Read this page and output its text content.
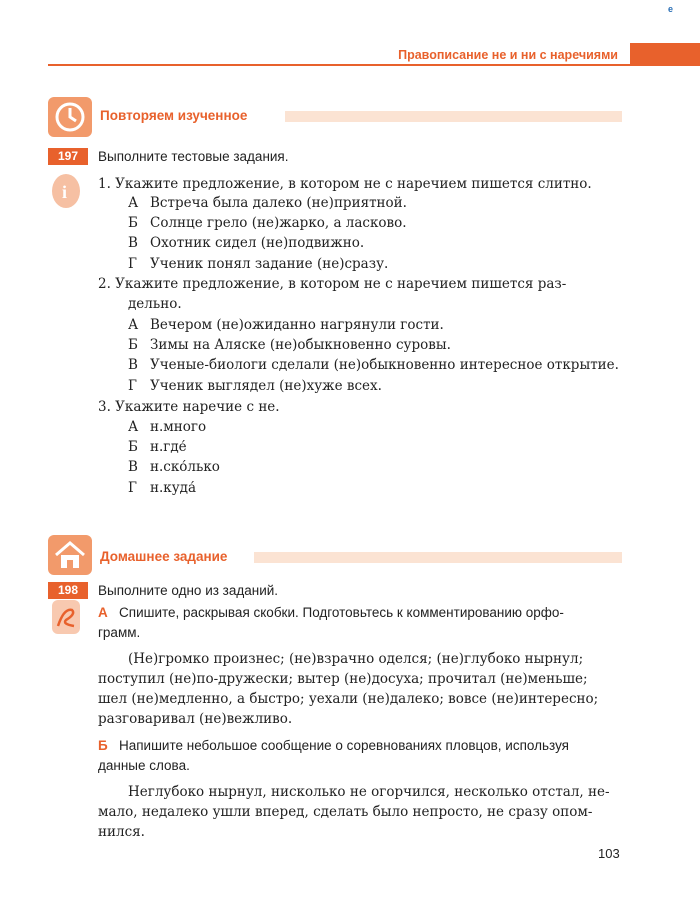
e
Правописание не и ни с наречиями
Повторяем изученное
197	Выполните тестовые задания.
i 1. Укажите предложение, в котором не с наречием пишется слитно.
А Встреча была далеко (не)приятной.
Б Солнце грело (не)жарко, а ласково.
В Охотник сидел (не)подвижно.
Г Ученик понял задание (не)сразу.
2. Укажите предложение, в котором не с наречием пишется раз-
дельно.
А Вечером (не)ожиданно нагрянули гости.
Б Зимы на Аляске (не)обыкновенно суровы.
В Ученые-биологи сделали (не)обыкновенно интересное открытие.
Г Ученик выглядел (не)хуже всех.
3. Укажите наречие с не.
А н.много
Б н.где́
В н.ско́лько
Г н.куда́
Домашнее задание
198	Выполните одно из заданий.
А Спишите, раскрывая скобки. Подготовьтесь к комментированию орфо-
грамм.
(Не)громко произнес; (не)взрачно оделся; (не)глубоко нырнул;
поступил (не)по-дружески; вытер (не)досуха; прочитал (не)меньше;
шел (не)медленно, а быстро; уехали (не)далеко; вовсе (не)интересно;
разговаривал (не)вежливо.
Б Напишите небольшое сообщение о соревнованиях пловцов, используя
данные слова.
Неглубоко нырнул, нисколько не огорчился, несколько отстал, не-
мало, недалеко ушли вперед, сделать было непросто, не сразу опом-
нился.
103
